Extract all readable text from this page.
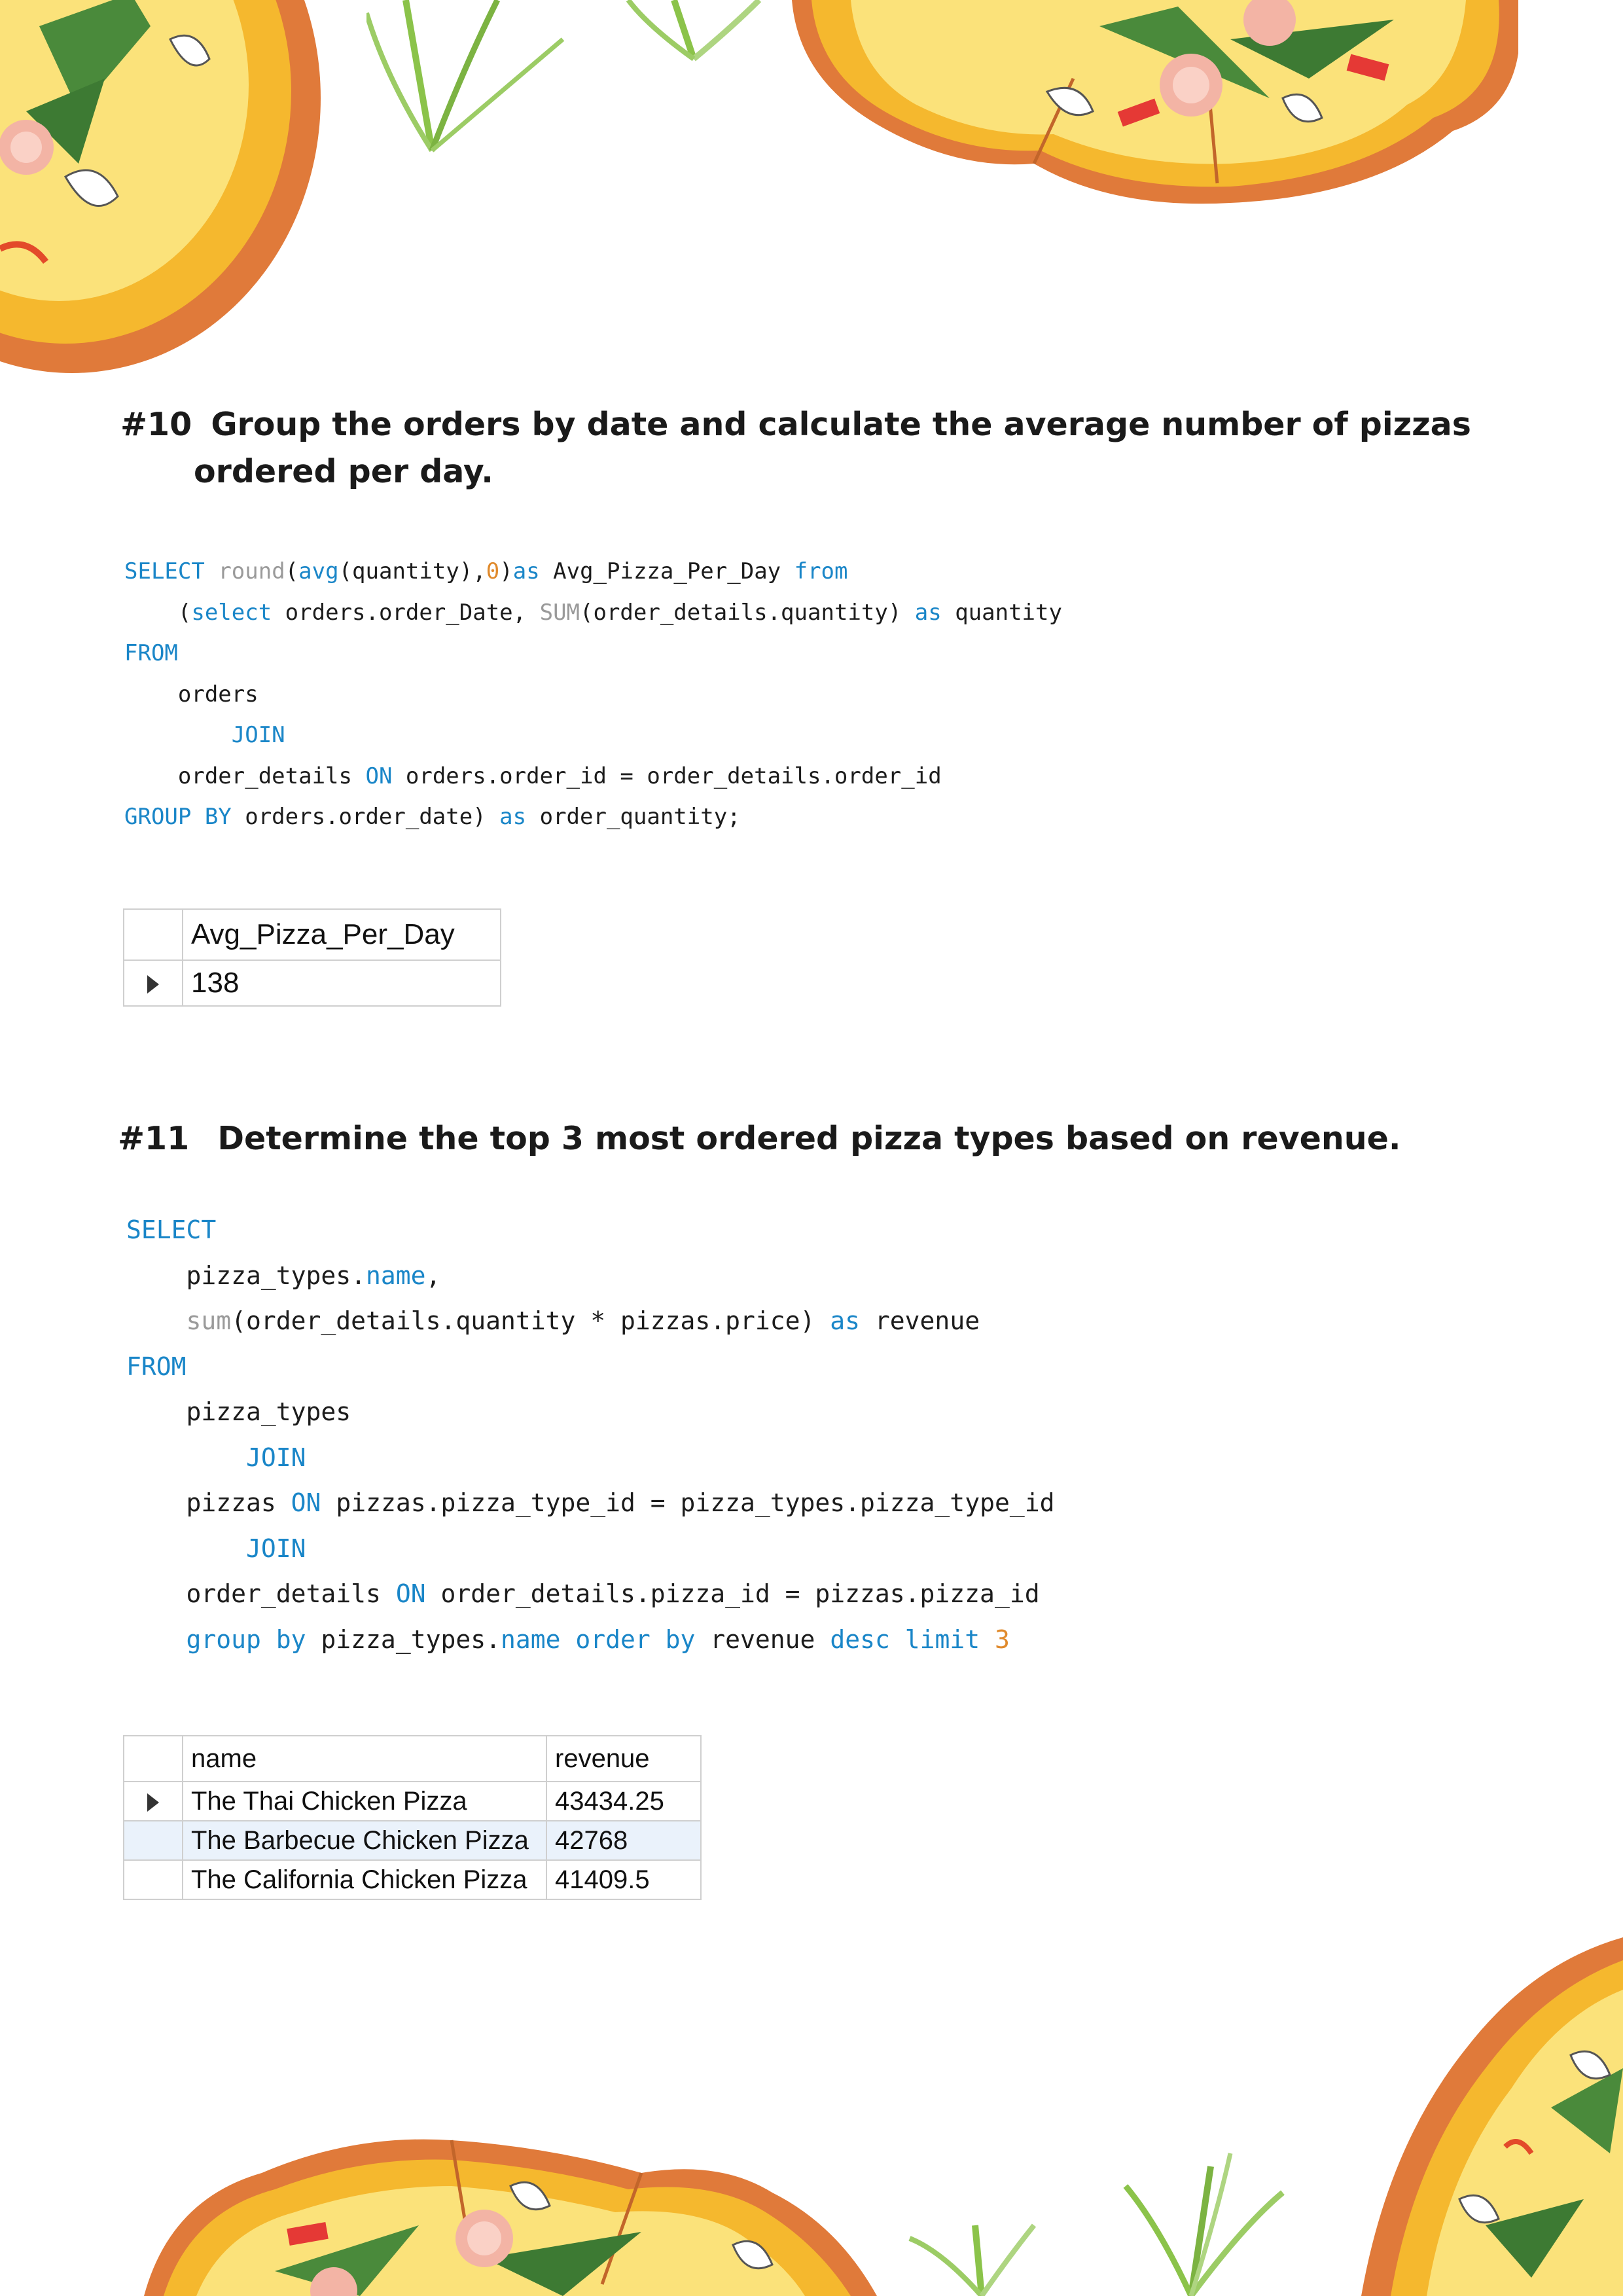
#10 Group the orders by date and calculate the average number of pizzas
ordered per day.
SELECT round(avg(quantity),0)as Avg_Pizza_Per_Day from
(select orders.order_Date, SUM(order_details.quantity) as quantity
FROM
orders
JOIN
order_details ON orders.order_id = order_details.order_id
GROUP BY orders.order_date) as order_quantity;
	Avg_Pizza_Per_Day
	138
#11 Determine the top 3 most ordered pizza types based on revenue.
SELECT
pizza_types.name,
sum(order_details.quantity * pizzas.price) as revenue
FROM
pizza_types
JOIN
pizzas ON pizzas.pizza_type_id = pizza_types.pizza_type_id
JOIN
order_details ON order_details.pizza_id = pizzas.pizza_id
group by pizza_types.name order by revenue desc limit 3
	name	revenue
	The Thai Chicken Pizza	43434.25
	The Barbecue Chicken Pizza	42768
	The California Chicken Pizza	41409.5
